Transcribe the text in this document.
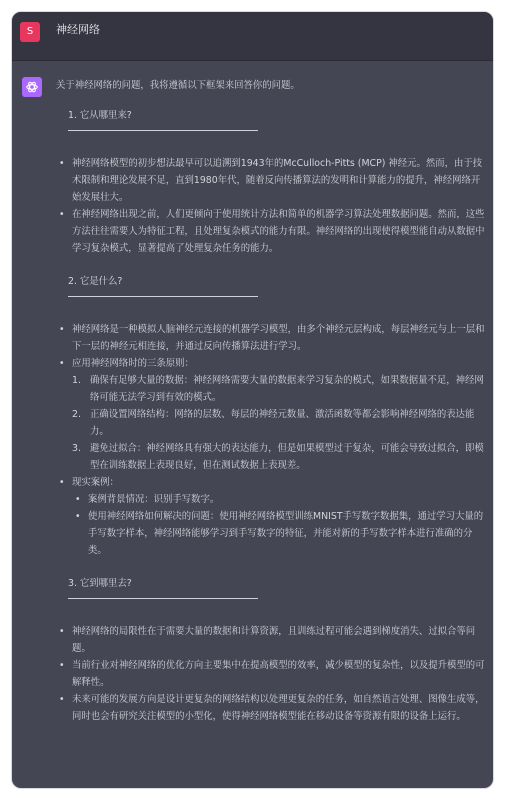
S	神经网络

关于神经网络的问题，我将遵循以下框架来回答你的问题。

1. 它从哪里来?
• 神经网络模型的初步想法最早可以追溯到1943年的McCulloch-Pitts (MCP) 神经元。然而，由于技术限制和理论发展不足，直到1980年代，随着反向传播算法的发明和计算能力的提升，神经网络开始发展壮大。
• 在神经网络出现之前，人们更倾向于使用统计方法和简单的机器学习算法处理数据问题。然而，这些方法往往需要人为特征工程，且处理复杂模式的能力有限。神经网络的出现使得模型能自动从数据中学习复杂模式，显著提高了处理复杂任务的能力。
2. 它是什么?
• 神经网络是一种模拟人脑神经元连接的机器学习模型，由多个神经元层构成，每层神经元与上一层和下一层的神经元相连接，并通过反向传播算法进行学习。
• 应用神经网络时的三条原则：
1. 确保有足够大量的数据：神经网络需要大量的数据来学习复杂的模式，如果数据量不足，神经网络可能无法学习到有效的模式。
2. 正确设置网络结构：网络的层数、每层的神经元数量、激活函数等都会影响神经网络的表达能力。
3. 避免过拟合：神经网络具有强大的表达能力，但是如果模型过于复杂，可能会导致过拟合，即模型在训练数据上表现良好，但在测试数据上表现差。
• 现实案例：
• 案例背景情况：识别手写数字。
• 使用神经网络如何解决的问题：使用神经网络模型训练MNIST手写数字数据集，通过学习大量的手写数字样本，神经网络能够学习到手写数字的特征，并能对新的手写数字样本进行准确的分类。
3. 它到哪里去?
• 神经网络的局限性在于需要大量的数据和计算资源，且训练过程可能会遇到梯度消失、过拟合等问题。
• 当前行业对神经网络的优化方向主要集中在提高模型的效率，减少模型的复杂性，以及提升模型的可解释性。
• 未来可能的发展方向是设计更复杂的网络结构以处理更复杂的任务，如自然语言处理、图像生成等，同时也会有研究关注模型的小型化，使得神经网络模型能在移动设备等资源有限的设备上运行。
